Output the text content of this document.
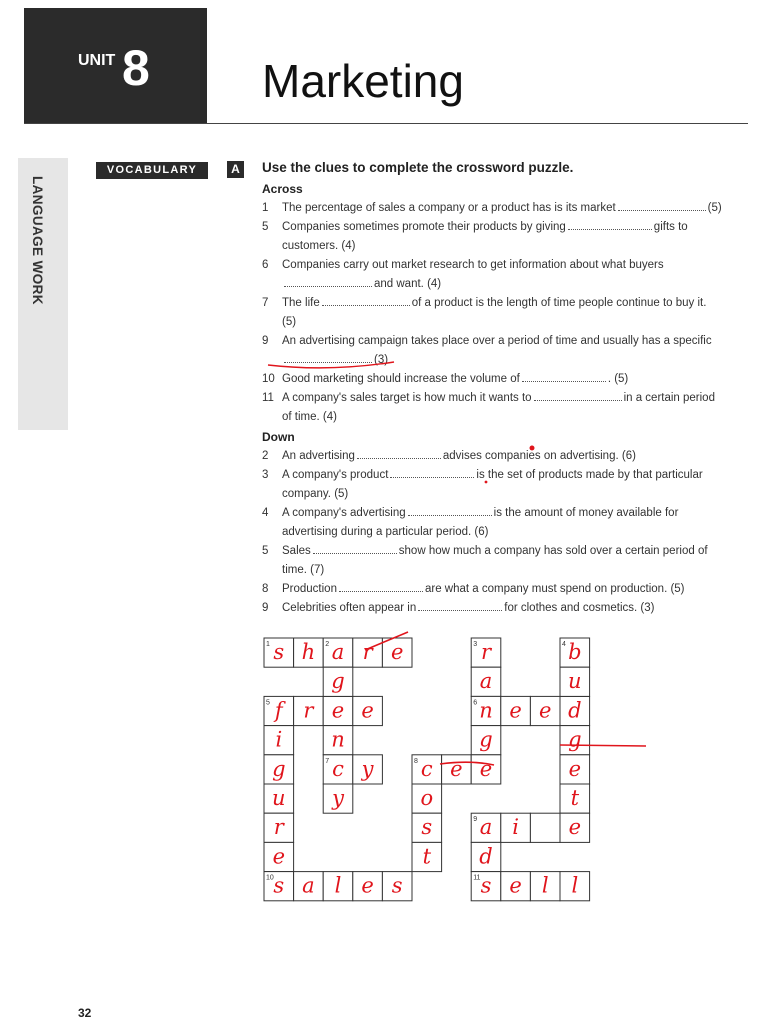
UNIT 8 Marketing
LANGUAGE WORK
VOCABULARY	A	Use the clues to complete the crossword puzzle.
Across
1 The percentage of sales a company or a product has is its market	(5)
5 Companies sometimes promote their products by giving	gifts to
customers. (4)
6 Companies carry out market research to get information about what buyers
and want. (4)
7 The life	of a product is the length of time people continue to buy it.
(5)
9 An advertising campaign takes place over a period of time and usually has a specific
(3)
10 Good marketing should increase the volume of	. (5)
11 A company's sales target is how much it wants to	in a certain period
of time. (4)
Down
2 An advertising	advises companies on advertising. (6)
3 A company's product	is the set of products made by that particular
company. (5)
4 A company's advertising	is the amount of money available for
advertising during a particular period. (6)
5 Sales	show how much a company has sold over a certain period of
time. (7)
8 Production	are what a company must spend on production. (5)
9 Celebrities often appear in	for clothes and cosmetics. (3)
1	2	3	4
5	6
7	8
9
10	11
s h a r e
f r e e
i
g
u
r
e
s a l e s
g
n
c
y
y c e
o
s
t
r
a
n e e d
g
e
b
u
g
e
t
a i e
d
s e l l
32
